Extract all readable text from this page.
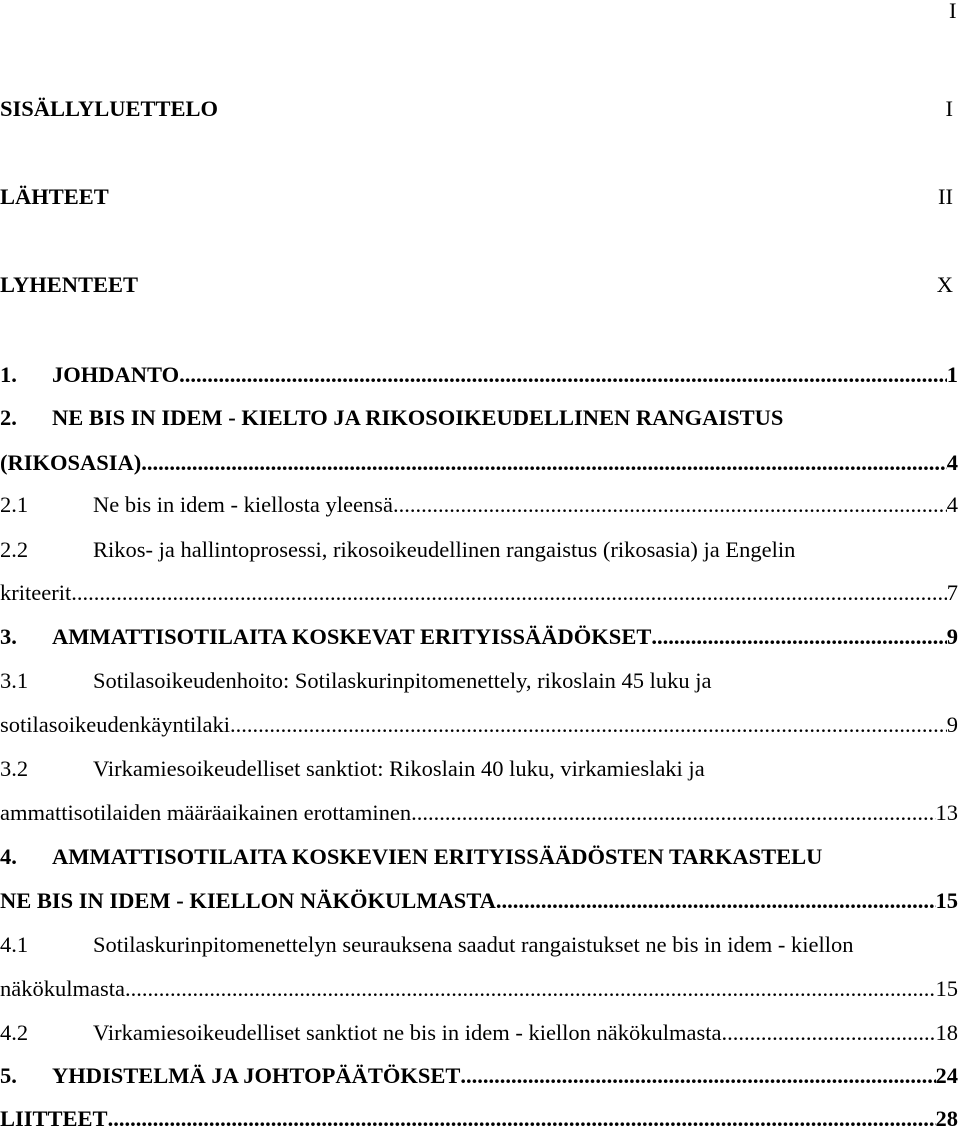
I
SISÄLLYLUETTELO	I
LÄHTEET	II
LYHENTEET	X
1.	JOHDANTO .....	1
2. NE BIS IN IDEM - KIELTO JA RIKOSOIKEUDELLINEN RANGAISTUS
(RIKOSASIA) .....	4
2.1	Ne bis in idem - kiellosta yleensä .....	4
2.2	Rikos- ja hallintoprosessi, rikosoikeudellinen rangaistus (rikosasia) ja Engelin
kriteerit .....	7
3.	AMMATTISOTILAITA KOSKEVAT ERITYISSÄÄDÖKSET .....	9
3.1	Sotilasoikeudenhoito: Sotilaskurinpitomenettely, rikoslain 45 luku ja
sotilasoikeudenkäyntilaki .....	9
3.2	Virkamiesoikeudelliset sanktiot: Rikoslain 40 luku, virkamieslaki ja
ammattisotilaiden määräaikainen erottaminen .....	13
4. AMMATTISOTILAITA KOSKEVIEN ERITYISSÄÄDÖSTEN TARKASTELU
NE BIS IN IDEM - KIELLON NÄKÖKULMASTA .....	15
4.1	Sotilaskurinpitomenettelyn seurauksena saadut rangaistukset ne bis in idem - kiellon
näkökulmasta .....	15
4.2	Virkamiesoikeudelliset sanktiot ne bis in idem - kiellon näkökulmasta .....	18
5.	YHDISTELMÄ JA JOHTOPÄÄTÖKSET .....	24
LIITTEET .....	28
